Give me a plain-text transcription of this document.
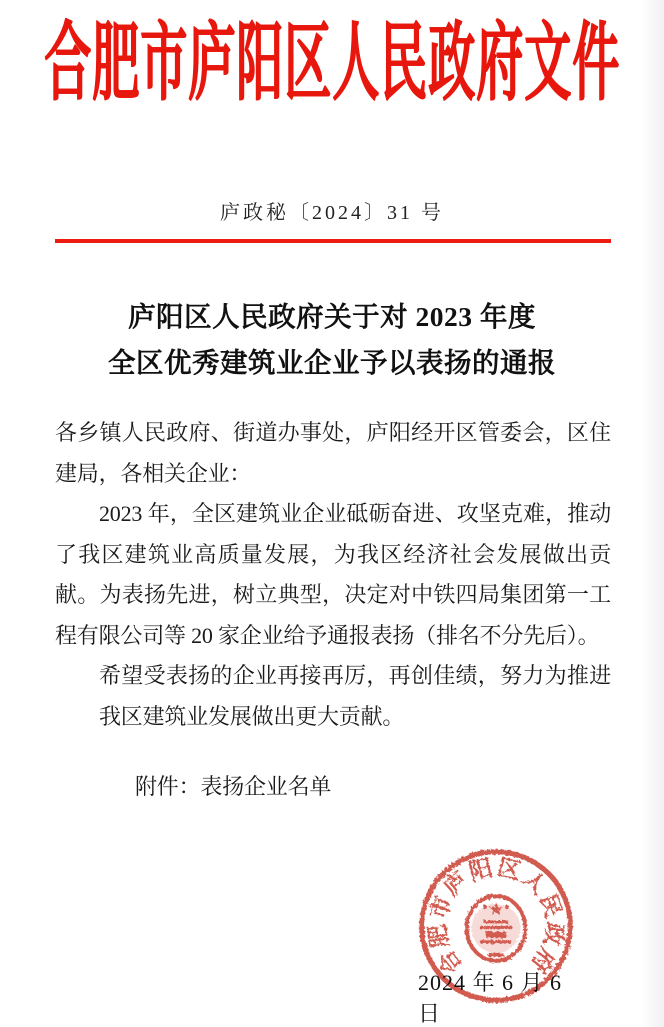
合肥市庐阳区人民政府文件
庐政秘〔2024〕31 号
庐阳区人民政府关于对 2023 年度
全区优秀建筑业企业予以表扬的通报

各乡镇人民政府、街道办事处，庐阳经开区管委会，区住建局，各相关企业：

2023 年，全区建筑业企业砥砺奋进、攻坚克难，推动了我区建筑业高质量发展，为我区经济社会发展做出贡献。为表扬先进，树立典型，决定对中铁四局集团第一工程有限公司等 20 家企业给予通报表扬（排名不分先后）。

希望受表扬的企业再接再厉，再创佳绩，努力为推进我区建筑业发展做出更大贡献。

附件：表扬企业名单

2024 年 6 月 6 日
合肥市庐阳区人民政府
